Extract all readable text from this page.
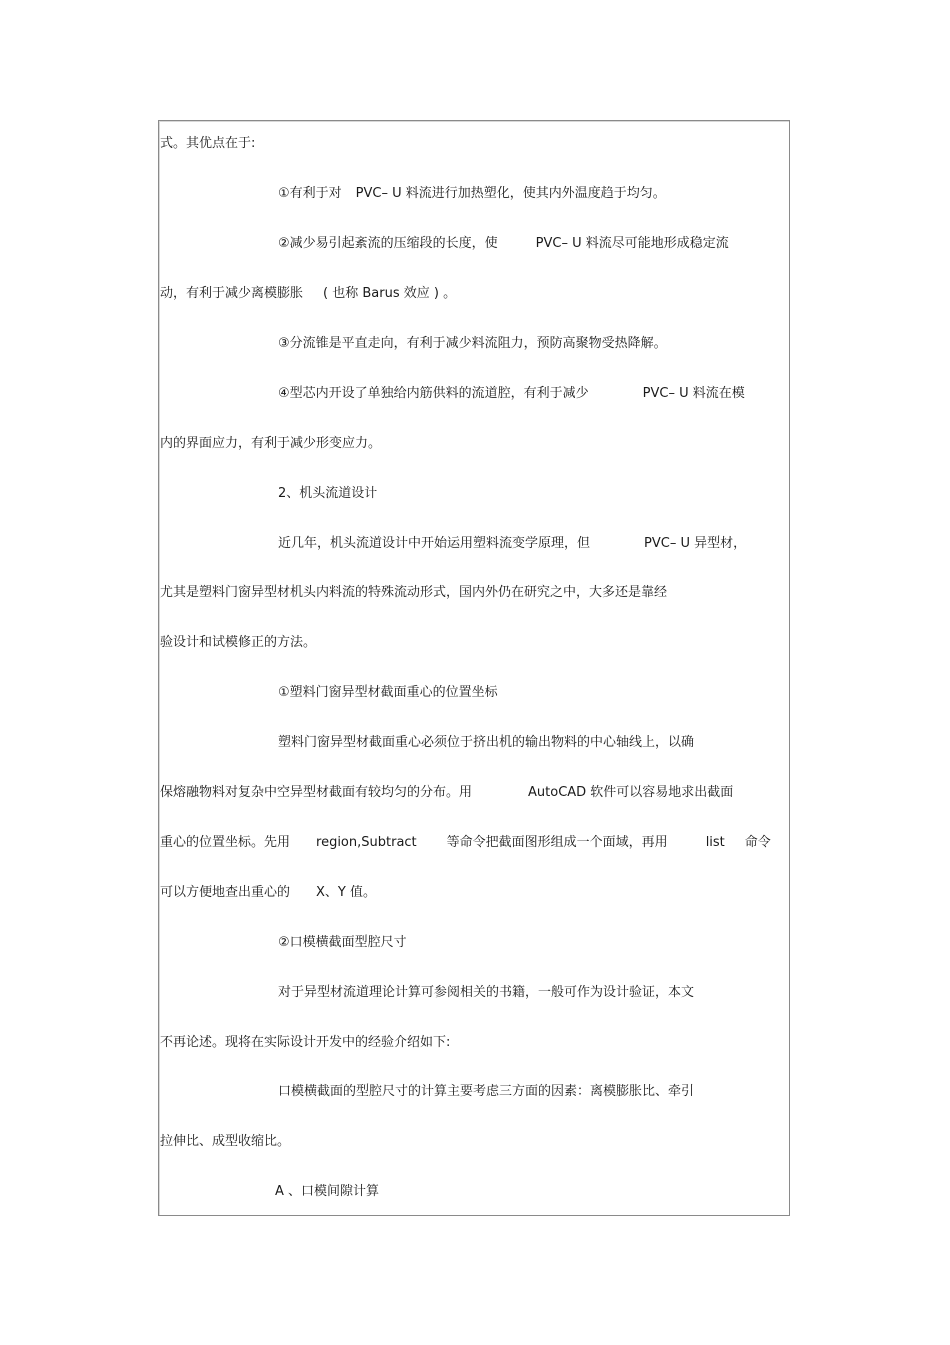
式。其优点在于:

①有利于对 PVC– U 料流进行加热塑化，使其内外温度趋于均匀。

②减少易引起紊流的压缩段的长度，使	PVC– U 料流尽可能地形成稳定流

动，有利于减少离模膨胀 ( 也称 Barus 效应 ) 。

③分流锥是平直走向，有利于减少料流阻力，预防高聚物受热降解。

④型芯内开设了单独给内筋供料的流道腔，有利于减少	PVC– U 料流在模

内的界面应力，有利于减少形变应力。

2、机头流道设计

近几年，机头流道设计中开始运用塑料流变学原理，但	PVC– U 异型材，

尤其是塑料门窗异型材机头内料流的特殊流动形式，国内外仍在研究之中，大多还是靠经

验设计和试模修正的方法。

①塑料门窗异型材截面重心的位置坐标

塑料门窗异型材截面重心必须位于挤出机的输出物料的中心轴线上，以确

保熔融物料对复杂中空异型材截面有较均匀的分布。用	AutoCAD 软件可以容易地求出截面

重心的位置坐标。先用 region,Subtract 等命令把截面图形组成一个面域，再用	list 命令

可以方便地查出重心的 X、Y 值。

②口模横截面型腔尺寸

对于异型材流道理论计算可参阅相关的书籍，一般可作为设计验证，本文

不再论述。现将在实际设计开发中的经验介绍如下:

口模横截面的型腔尺寸的计算主要考虑三方面的因素：离模膨胀比、牵引

拉伸比、成型收缩比。

A 、口模间隙计算
